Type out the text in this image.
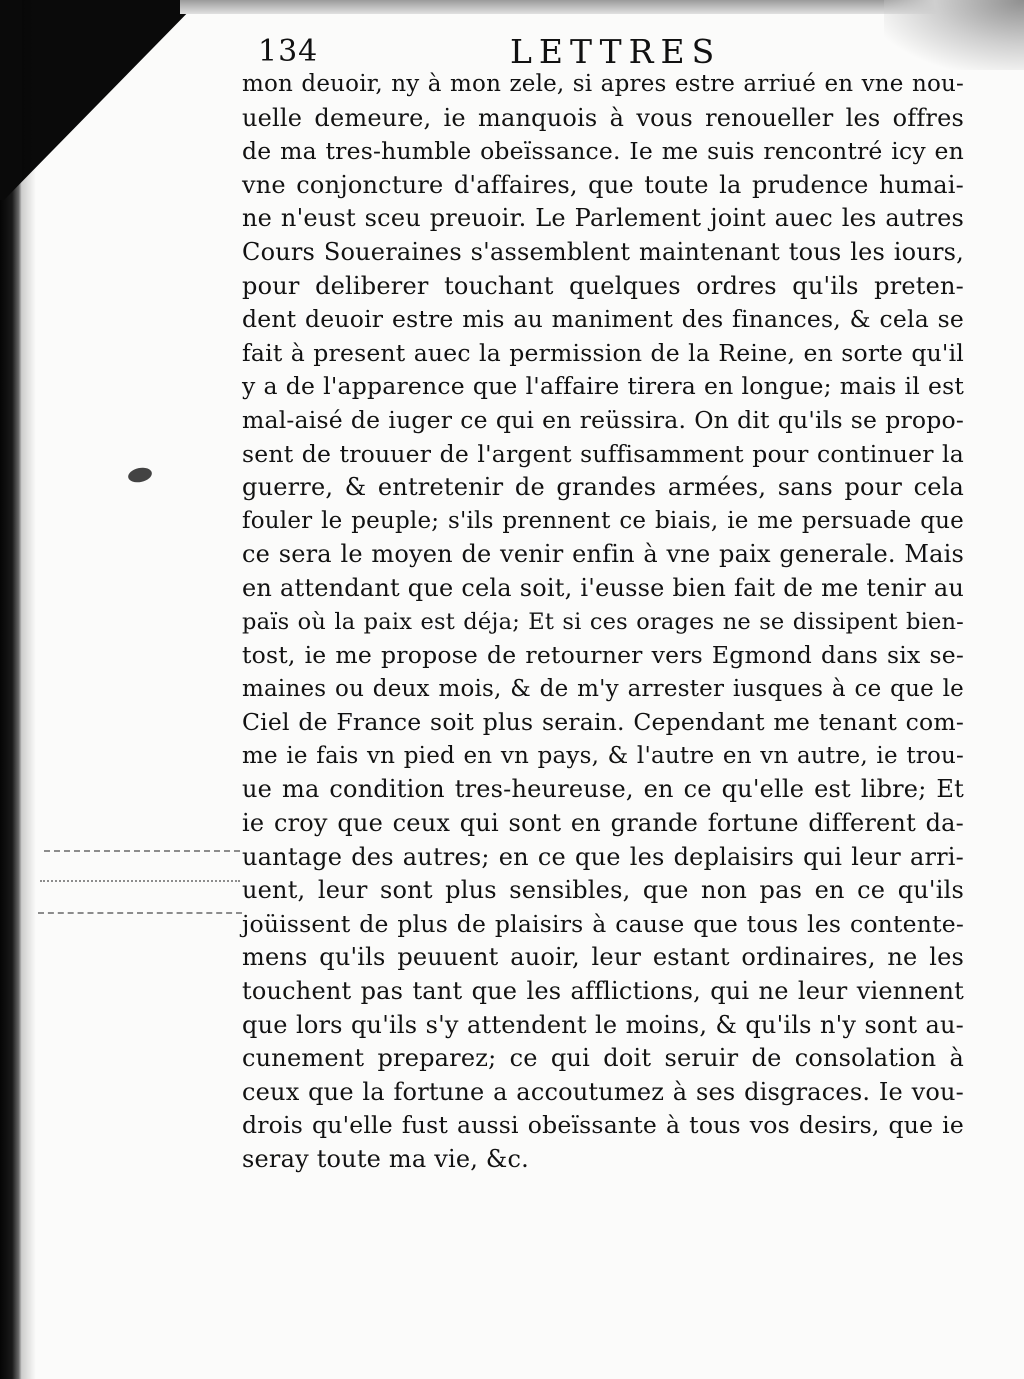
134	LETTRES
mon deuoir, ny à mon zele, si apres estre arriué en vne nou-
uelle demeure, ie manquois à vous renoueller les offres
de ma tres-humble obeïssance. Ie me suis rencontré icy en
vne conjoncture d'affaires, que toute la prudence humai-
ne n'eust sceu preuoir. Le Parlement joint auec les autres
Cours Soueraines s'assemblent maintenant tous les iours,
pour deliberer touchant quelques ordres qu'ils preten-
dent deuoir estre mis au maniment des finances, & cela se
fait à present auec la permission de la Reine, en sorte qu'il
y a de l'apparence que l'affaire tirera en longue; mais il est
mal-aisé de iuger ce qui en reüssira. On dit qu'ils se propo-
sent de trouuer de l'argent suffisamment pour continuer la
guerre, & entretenir de grandes armées, sans pour cela
fouler le peuple; s'ils prennent ce biais, ie me persuade que
ce sera le moyen de venir enfin à vne paix generale. Mais
en attendant que cela soit, i'eusse bien fait de me tenir au
païs où la paix est déja; Et si ces orages ne se dissipent bien-
tost, ie me propose de retourner vers Egmond dans six se-
maines ou deux mois, & de m'y arrester iusques à ce que le
Ciel de France soit plus serain. Cependant me tenant com-
me ie fais vn pied en vn pays, & l'autre en vn autre, ie trou-
ue ma condition tres-heureuse, en ce qu'elle est libre; Et
ie croy que ceux qui sont en grande fortune different da-
uantage des autres; en ce que les deplaisirs qui leur arri-
uent, leur sont plus sensibles, que non pas en ce qu'ils
joüissent de plus de plaisirs à cause que tous les contente-
mens qu'ils peuuent auoir, leur estant ordinaires, ne les
touchent pas tant que les afflictions, qui ne leur viennent
que lors qu'ils s'y attendent le moins, & qu'ils n'y sont au-
cunement preparez; ce qui doit seruir de consolation à
ceux que la fortune a accoutumez à ses disgraces. Ie vou-
drois qu'elle fust aussi obeïssante à tous vos desirs, que ie
seray toute ma vie, &c.
